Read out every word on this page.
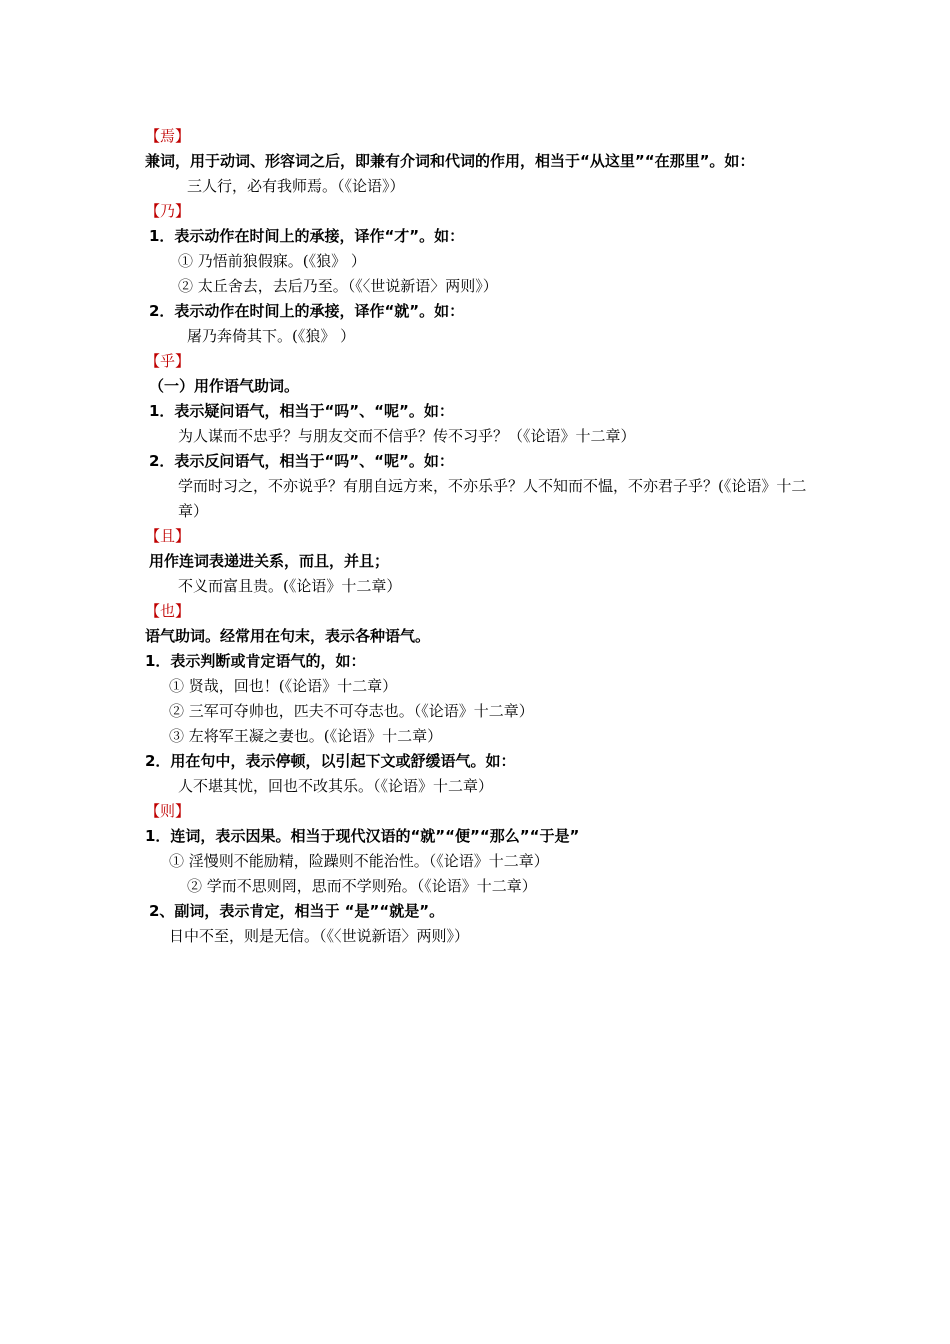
【焉】
兼词，用于动词、形容词之后，即兼有介词和代词的作用，相当于“从这里”“在那里”。如：
三人行，必有我师焉。（《论语》）
【乃】
1．表示动作在时间上的承接，译作“才”。如：
① 乃悟前狼假寐。(《狼》 ）
② 太丘舍去，去后乃至。（《〈世说新语〉两则》）
2．表示动作在时间上的承接，译作“就”。如：
屠乃奔倚其下。(《狼》 ）
【乎】
（一）用作语气助词。
1．表示疑问语气，相当于“吗”、“呢”。如：
为人谋而不忠乎？与朋友交而不信乎？传不习乎？（《论语》十二章）
2．表示反问语气，相当于“吗”、“呢”。如：
学而时习之，不亦说乎？有朋自远方来，不亦乐乎？人不知而不愠，不亦君子乎？(《论语》十二章）
【且】
用作连词表递进关系，而且，并且；
不义而富且贵。(《论语》十二章）
【也】
语气助词。经常用在句末，表示各种语气。
1．表示判断或肯定语气的，如：
① 贤哉，回也！(《论语》十二章）
② 三军可夺帅也，匹夫不可夺志也。（《论语》十二章）
③ 左将军王凝之妻也。(《论语》十二章）
2．用在句中，表示停顿，以引起下文或舒缓语气。如：
人不堪其忧，回也不改其乐。（《论语》十二章）
【则】
1．连词，表示因果。相当于现代汉语的“就”“便”“那么”“于是”
① 淫慢则不能励精，险躁则不能治性。（《论语》十二章）
② 学而不思则罔，思而不学则殆。（《论语》十二章）
2、副词，表示肯定，相当于 “是”“就是”。
日中不至，则是无信。（《〈世说新语〉两则》）
